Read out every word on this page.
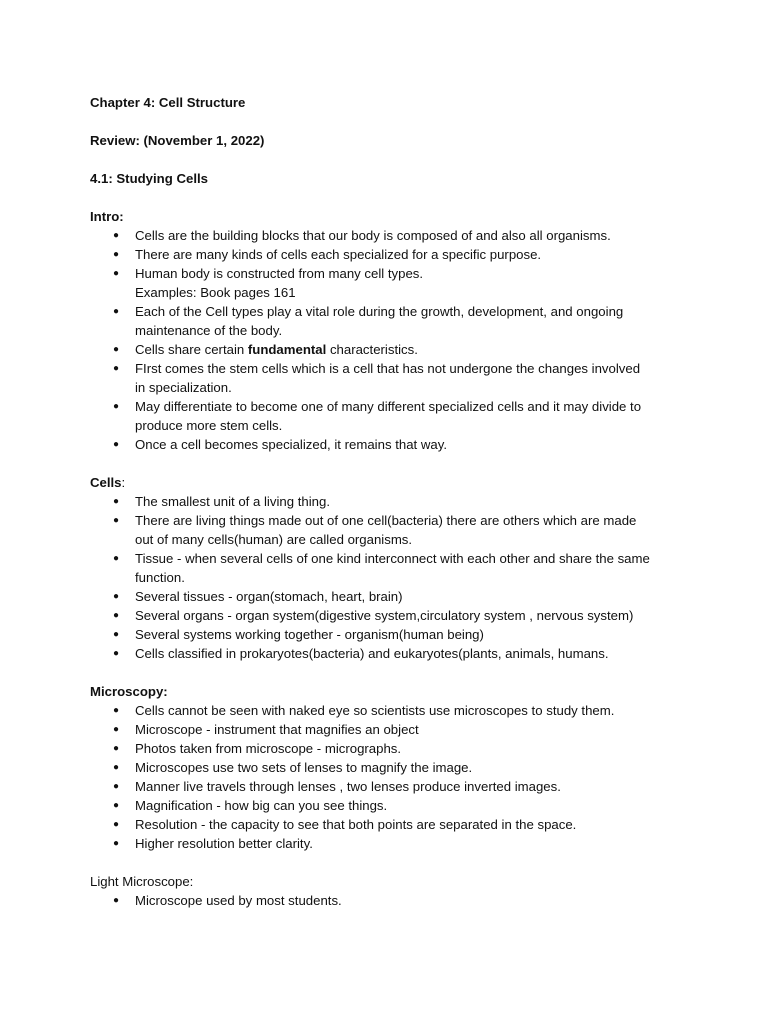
Chapter 4: Cell Structure
Review: (November 1, 2022)
4.1: Studying Cells
Intro:
● Cells are the building blocks that our body is composed of and also all organisms.
● There are many kinds of cells each specialized for a specific purpose.
● Human body is constructed from many cell types.
Examples: Book pages 161
● Each of the Cell types play a vital role during the growth, development, and ongoing
maintenance of the body.
● Cells share certain fundamental characteristics.
● FIrst comes the stem cells which is a cell that has not undergone the changes involved
in specialization.
● May differentiate to become one of many different specialized cells and it may divide to
produce more stem cells.
● Once a cell becomes specialized, it remains that way.
Cells:
● The smallest unit of a living thing.
● There are living things made out of one cell(bacteria) there are others which are made
out of many cells(human) are called organisms.
● Tissue - when several cells of one kind interconnect with each other and share the same
function.
● Several tissues - organ(stomach, heart, brain)
● Several organs - organ system(digestive system,circulatory system , nervous system)
● Several systems working together - organism(human being)
● Cells classified in prokaryotes(bacteria) and eukaryotes(plants, animals, humans.
Microscopy:
● Cells cannot be seen with naked eye so scientists use microscopes to study them.
● Microscope - instrument that magnifies an object
● Photos taken from microscope - micrographs.
● Microscopes use two sets of lenses to magnify the image.
● Manner live travels through lenses , two lenses produce inverted images.
● Magnification - how big can you see things.
● Resolution - the capacity to see that both points are separated in the space.
● Higher resolution better clarity.
Light Microscope:
● Microscope used by most students.
